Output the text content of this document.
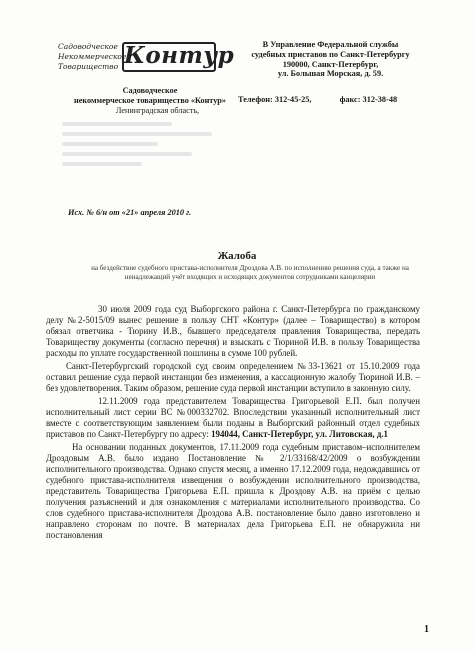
Садоводческое
Некоммерческое
Товарищество Контур
Садоводческое
некоммерческое товарищество «Контур»
Ленинградская область,
В Управление Федеральной службы
судебных приставов по Санкт-Петербургу
190000, Санкт-Петербург,
ул. Большая Морская, д. 59.
Телефон: 312-45-25,	факс: 312-38-48
Исх. № 6/н от «21» апреля 2010 г.
Жалоба
на бездействие судебного пристава-исполнителя Дроздова А.В. по исполнению решения суда, а также на ненадлежащий учёт входящих и исходящих документов сотрудниками канцелярии

30 июля 2009 года суд Выборгского района г. Санкт-Петербурга по гражданскому делу №2-5015/09 вынес решение в пользу СНТ «Контур» (далее – Товарищество) в котором обязал ответчика - Тюрину И.В., бывшего председателя правления Товарищества, передать Товариществу документы (согласно перечня) и взыскать с Тюриной И.В. в пользу Товарищества расходы по уплате государственной пошлины в сумме 100 рублей.

Санкт-Петербургский городской суд своим определением №33-13621 от 15.10.2009 года оставил решение суда первой инстанции без изменения, а кассационную жалобу Тюриной И.В. – без удовлетворения. Таким образом, решение суда первой инстанции вступило в законную силу.

12.11.2009 года представителем Товарищества Григорьевой Е.П. был получен исполнительный лист серии ВС №000332702. Впоследствии указанный исполнительный лист вместе с соответствующим заявлением были поданы в Выборгский районный отдел судебных приставов по Санкт-Петербургу по адресу: 194044, Санкт-Петербург, ул. Литовская, д.1

На основании поданных документов, 17.11.2009 года судебным приставом–исполнителем Дроздовым А.В. было издано Постановление № 2/1/33168/42/2009 о возбуждении исполнительного производства. Однако спустя месяц, а именно 17.12.2009 года, недождавшись от судебного пристава-исполнителя извещения о возбуждении исполнительного производства, представитель Товарищества Григорьева Е.П. пришла к Дроздову А.В. на приём с целью получения разъяснений и для ознакомления с материалами исполнительного производства. Со слов судебного пристава-исполнителя Дроздова А.В. постановление было давно изготовлено и направлено сторонам по почте. В материалах дела Григорьева Е.П. не обнаружила ни постановления

1
